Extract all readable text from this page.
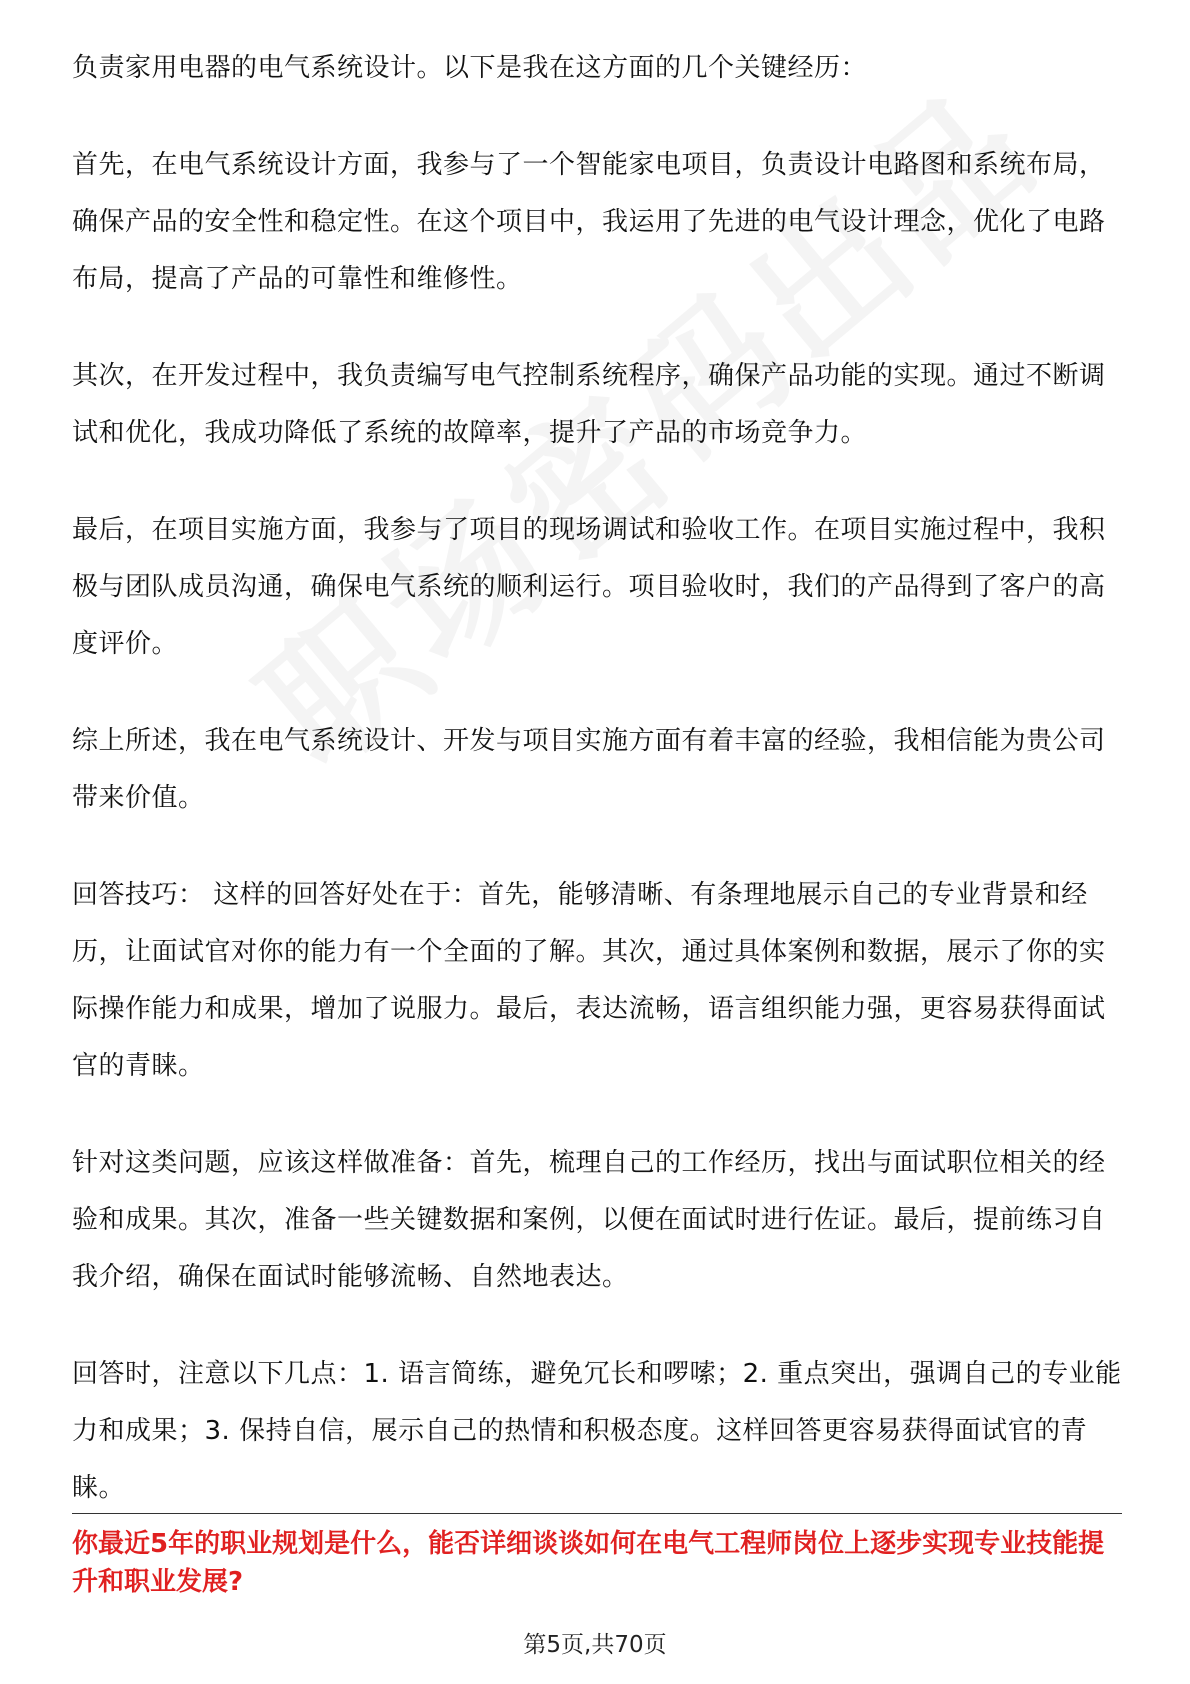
负责家用电器的电气系统设计。以下是我在这方面的几个关键经历：

首先，在电气系统设计方面，我参与了一个智能家电项目，负责设计电路图和系统布局，确保产品的安全性和稳定性。在这个项目中，我运用了先进的电气设计理念，优化了电路布局，提高了产品的可靠性和维修性。

其次，在开发过程中，我负责编写电气控制系统程序，确保产品功能的实现。通过不断调试和优化，我成功降低了系统的故障率，提升了产品的市场竞争力。

最后，在项目实施方面，我参与了项目的现场调试和验收工作。在项目实施过程中，我积极与团队成员沟通，确保电气系统的顺利运行。项目验收时，我们的产品得到了客户的高度评价。

综上所述，我在电气系统设计、开发与项目实施方面有着丰富的经验，我相信能为贵公司带来价值。

回答技巧： 这样的回答好处在于：首先，能够清晰、有条理地展示自己的专业背景和经历，让面试官对你的能力有一个全面的了解。其次，通过具体案例和数据，展示了你的实际操作能力和成果，增加了说服力。最后，表达流畅，语言组织能力强，更容易获得面试官的青睐。

针对这类问题，应该这样做准备：首先，梳理自己的工作经历，找出与面试职位相关的经验和成果。其次，准备一些关键数据和案例，以便在面试时进行佐证。最后，提前练习自我介绍，确保在面试时能够流畅、自然地表达。

回答时，注意以下几点：1. 语言简练，避免冗长和啰嗦；2. 重点突出，强调自己的专业能力和成果；3. 保持自信，展示自己的热情和积极态度。这样回答更容易获得面试官的青睐。

你最近5年的职业规划是什么，能否详细谈谈如何在电气工程师岗位上逐步实现专业技能提升和职业发展?

第5页,共70页
